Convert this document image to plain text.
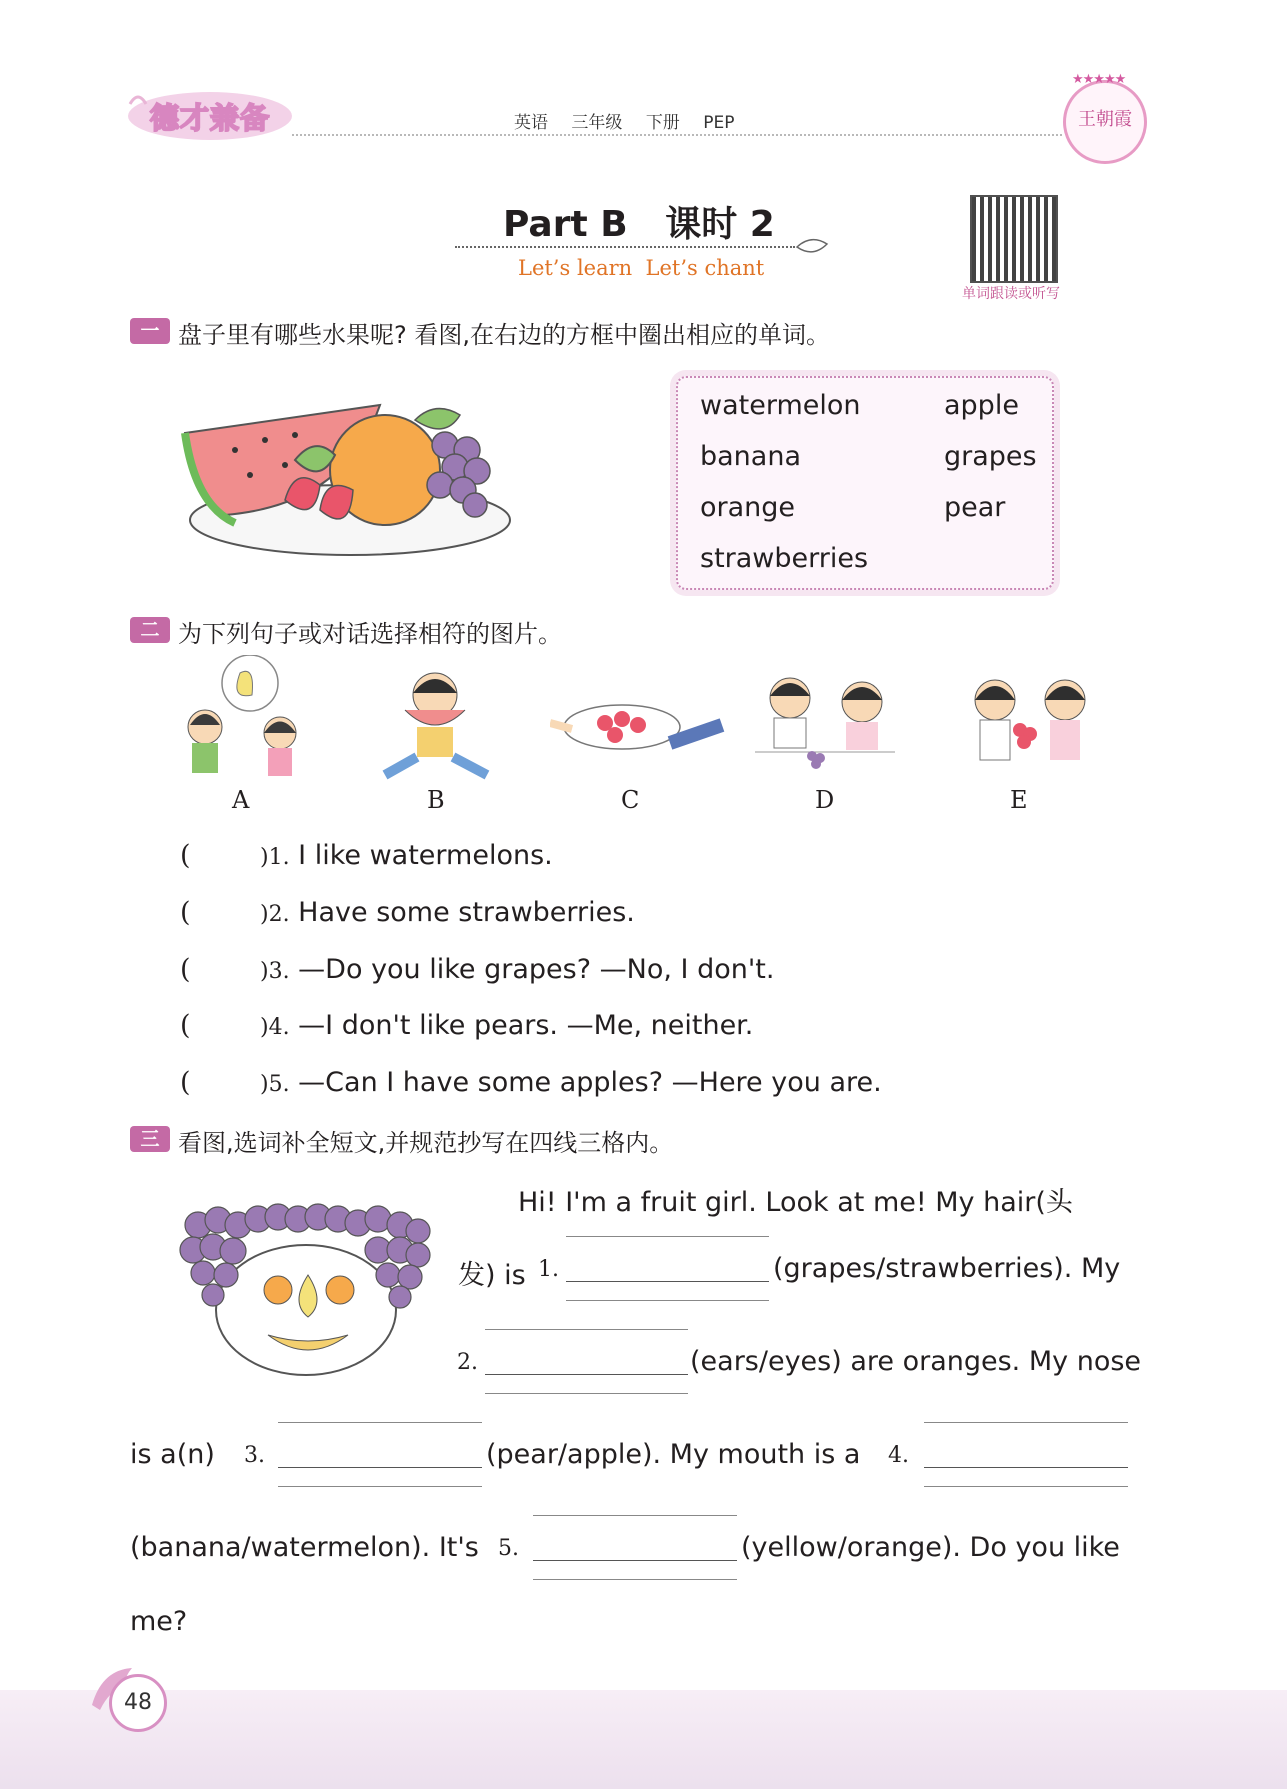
德才兼备	英语 三年级 下册 PEP
★★★★★
王朝霞
Part B   课时 2
Let’s learn  Let’s chant
单词跟读或听写
一 盘子里有哪些水果呢? 看图,在右边的方框中圈出相应的单词。
watermelon	apple
banana	grapes
orange	pear
strawberries
二 为下列句子或对话选择相符的图片。
A	B	C	D	E
(	)1. I like watermelons.
(	)2. Have some strawberries.
(	)3. —Do you like grapes? —No, I don't.
(	)4. —I don't like pears. —Me, neither.
(	)5. —Can I have some apples? —Here you are.
三 看图,选词补全短文,并规范抄写在四线三格内。
Hi! I'm a fruit girl. Look at me! My hair(头
发) is 1.	(grapes/strawberries). My
2.	(ears/eyes) are oranges. My nose
is a(n) 3.	(pear/apple). My mouth is a 4.
(banana/watermelon). It's 5.	(yellow/orange). Do you like
me?
48
